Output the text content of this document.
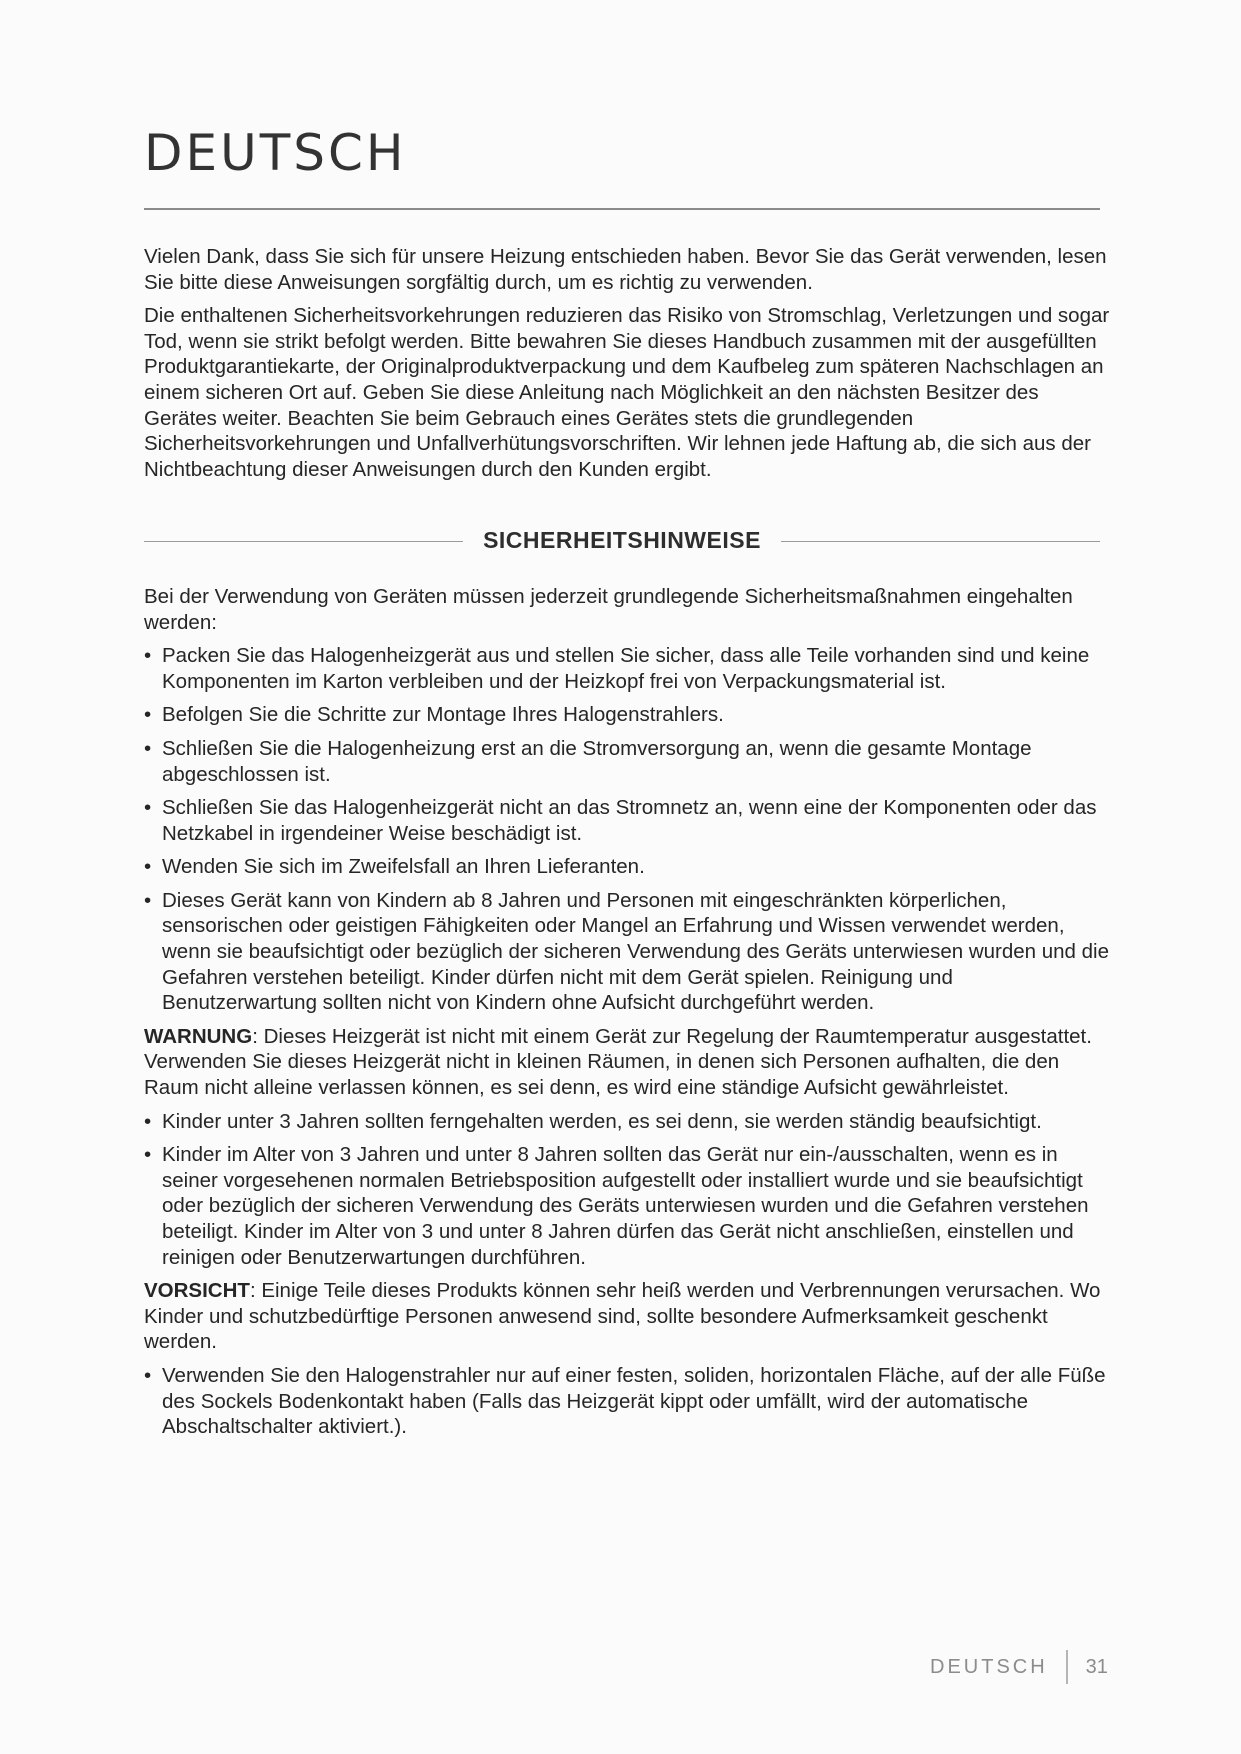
DEUTSCH

Vielen Dank, dass Sie sich für unsere Heizung entschieden haben. Bevor Sie das Gerät verwenden, lesen Sie bitte diese Anweisungen sorgfältig durch, um es richtig zu verwenden.

Die enthaltenen Sicherheitsvorkehrungen reduzieren das Risiko von Stromschlag, Verletzungen und sogar Tod, wenn sie strikt befolgt werden. Bitte bewahren Sie dieses Handbuch zusammen mit der ausgefüllten Produktgarantiekarte, der Originalproduktverpackung und dem Kaufbeleg zum späteren Nachschlagen an einem sicheren Ort auf. Geben Sie diese Anleitung nach Möglichkeit an den nächsten Besitzer des Gerätes weiter. Beachten Sie beim Gebrauch eines Gerätes stets die grundlegenden Sicherheitsvorkehrungen und Unfallverhütungsvorschriften. Wir lehnen jede Haftung ab, die sich aus der Nichtbeachtung dieser Anweisungen durch den Kunden ergibt.

SICHERHEITSHINWEISE

Bei der Verwendung von Geräten müssen jederzeit grundlegende Sicherheitsmaßnahmen eingehalten werden:

• Packen Sie das Halogenheizgerät aus und stellen Sie sicher, dass alle Teile vorhanden sind und keine Komponenten im Karton verbleiben und der Heizkopf frei von Verpackungsmaterial ist.
• Befolgen Sie die Schritte zur Montage Ihres Halogenstrahlers.
• Schließen Sie die Halogenheizung erst an die Stromversorgung an, wenn die gesamte Montage abgeschlossen ist.
• Schließen Sie das Halogenheizgerät nicht an das Stromnetz an, wenn eine der Komponenten oder das Netzkabel in irgendeiner Weise beschädigt ist.
• Wenden Sie sich im Zweifelsfall an Ihren Lieferanten.
• Dieses Gerät kann von Kindern ab 8 Jahren und Personen mit eingeschränkten körperlichen, sensorischen oder geistigen Fähigkeiten oder Mangel an Erfahrung und Wissen verwendet werden, wenn sie beaufsichtigt oder bezüglich der sicheren Verwendung des Geräts unterwiesen wurden und die Gefahren verstehen beteiligt. Kinder dürfen nicht mit dem Gerät spielen. Reinigung und Benutzerwartung sollten nicht von Kindern ohne Aufsicht durchgeführt werden.

WARNUNG: Dieses Heizgerät ist nicht mit einem Gerät zur Regelung der Raumtemperatur ausgestattet. Verwenden Sie dieses Heizgerät nicht in kleinen Räumen, in denen sich Personen aufhalten, die den Raum nicht alleine verlassen können, es sei denn, es wird eine ständige Aufsicht gewährleistet.

• Kinder unter 3 Jahren sollten ferngehalten werden, es sei denn, sie werden ständig beaufsichtigt.
• Kinder im Alter von 3 Jahren und unter 8 Jahren sollten das Gerät nur ein-/ausschalten, wenn es in seiner vorgesehenen normalen Betriebsposition aufgestellt oder installiert wurde und sie beaufsichtigt oder bezüglich der sicheren Verwendung des Geräts unterwiesen wurden und die Gefahren verstehen beteiligt. Kinder im Alter von 3 und unter 8 Jahren dürfen das Gerät nicht anschließen, einstellen und reinigen oder Benutzerwartungen durchführen.

VORSICHT: Einige Teile dieses Produkts können sehr heiß werden und Verbrennungen verursachen. Wo Kinder und schutzbedürftige Personen anwesend sind, sollte besondere Aufmerksamkeit geschenkt werden.

• Verwenden Sie den Halogenstrahler nur auf einer festen, soliden, horizontalen Fläche, auf der alle Füße des Sockels Bodenkontakt haben (Falls das Heizgerät kippt oder umfällt, wird der automatische Abschaltschalter aktiviert.).
DEUTSCH 31
